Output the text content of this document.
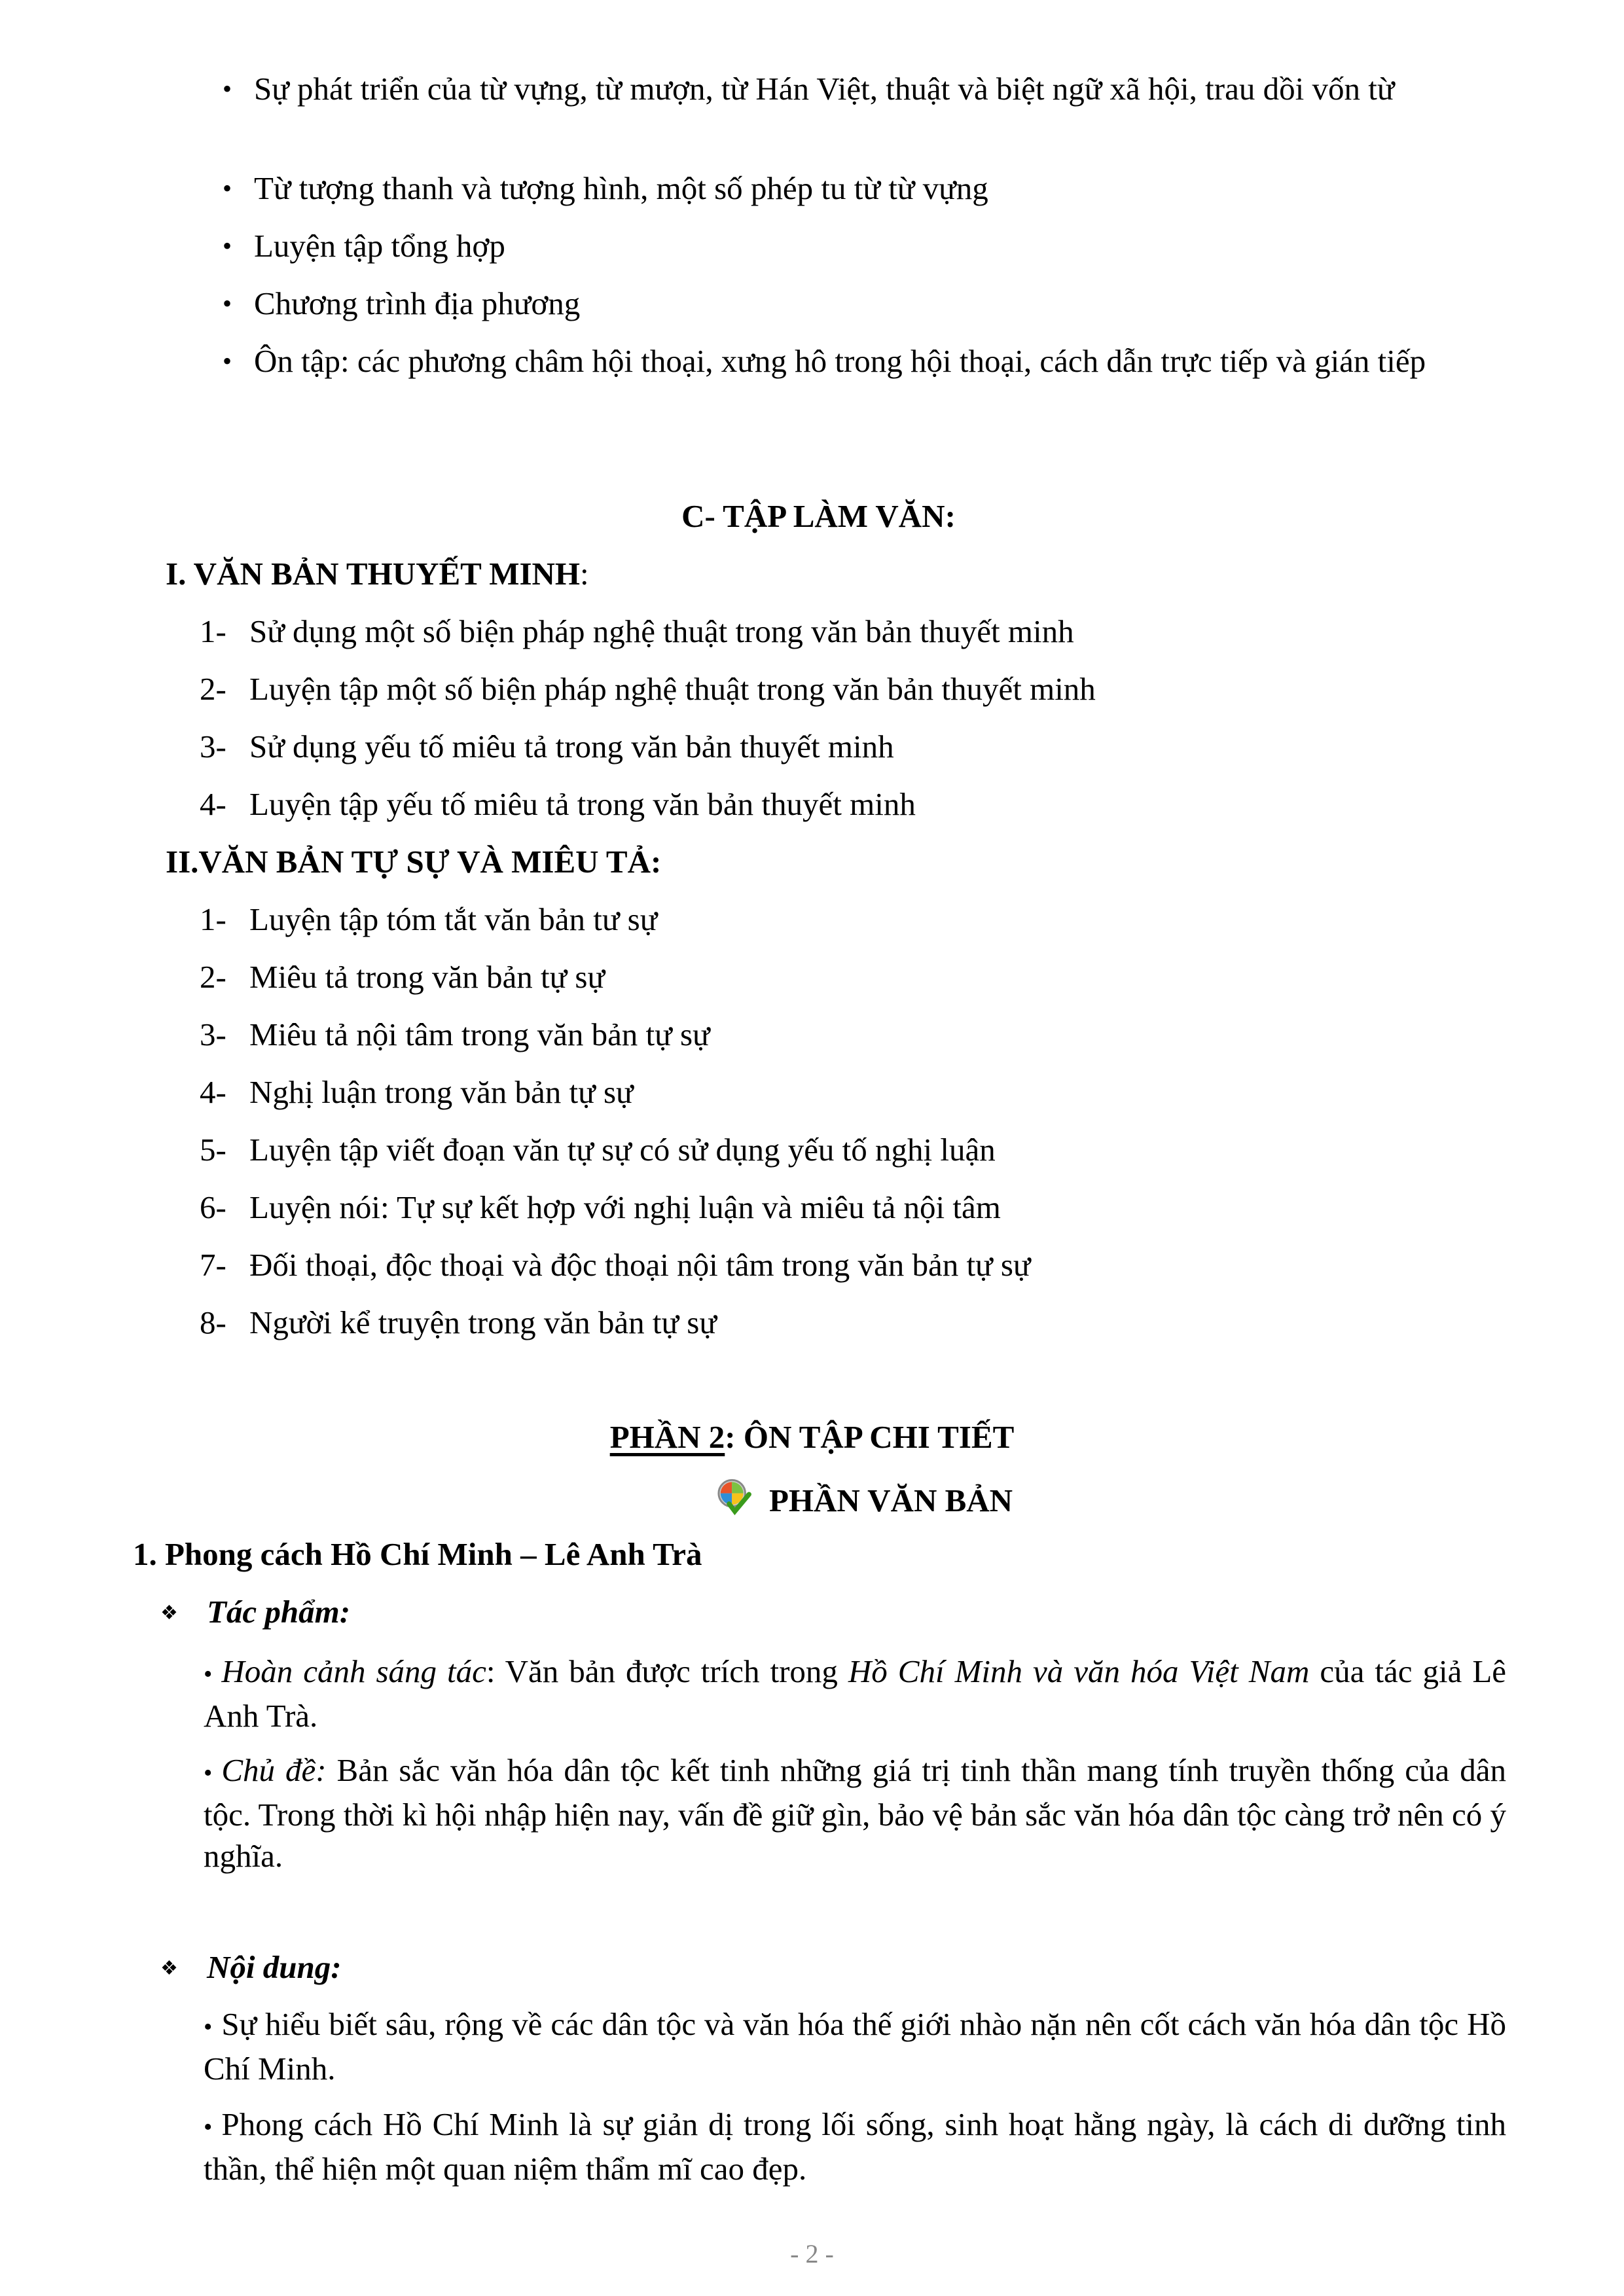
• Sự phát triển của từ vựng, từ mượn, từ Hán Việt, thuật và biệt ngữ xã hội, trau dồi vốn từ
• Từ tượng thanh và tượng hình, một số phép tu từ từ vựng
• Luyện tập tổng hợp
• Chương trình địa phương
• Ôn tập: các phương châm hội thoại, xưng hô trong hội thoại, cách dẫn trực tiếp và gián tiếp
C- TẬP LÀM VĂN:
I. VĂN BẢN THUYẾT MINH:
1- Sử dụng một số biện pháp nghệ thuật trong văn bản thuyết minh
2- Luyện tập một số biện pháp nghệ thuật trong văn bản thuyết minh
3- Sử dụng yếu tố miêu tả trong văn bản thuyết minh
4- Luyện tập yếu tố miêu tả trong văn bản thuyết minh
II.VĂN BẢN TỰ SỰ VÀ MIÊU TẢ:
1- Luyện tập tóm tắt văn bản tư sự
2- Miêu tả trong văn bản tự sự
3- Miêu tả nội tâm trong văn bản tự sự
4- Nghị luận trong văn bản tự sự
5- Luyện tập viết đoạn văn tự sự có sử dụng yếu tố nghị luận
6- Luyện nói: Tự sự kết hợp với nghị luận và miêu tả nội tâm
7- Đối thoại, độc thoại và độc thoại nội tâm trong văn bản tự sự
8- Người kể truyện trong văn bản tự sự
PHẦN 2: ÔN TẬP CHI TIẾT
PHẦN VĂN BẢN
1. Phong cách Hồ Chí Minh – Lê Anh Trà
❖ Tác phẩm:
• Hoàn cảnh sáng tác: Văn bản được trích trong Hồ Chí Minh và văn hóa Việt Nam của tác giả Lê Anh Trà.
• Chủ đề: Bản sắc văn hóa dân tộc kết tinh những giá trị tinh thần mang tính truyền thống của dân tộc. Trong thời kì hội nhập hiện nay, vấn đề giữ gìn, bảo vệ bản sắc văn hóa dân tộc càng trở nên có ý nghĩa.
❖ Nội dung:
• Sự hiểu biết sâu, rộng về các dân tộc và văn hóa thế giới nhào nặn nên cốt cách văn hóa dân tộc Hồ Chí Minh.
• Phong cách Hồ Chí Minh là sự giản dị trong lối sống, sinh hoạt hằng ngày, là cách di dưỡng tinh thần, thể hiện một quan niệm thẩm mĩ cao đẹp.
- 2 -
